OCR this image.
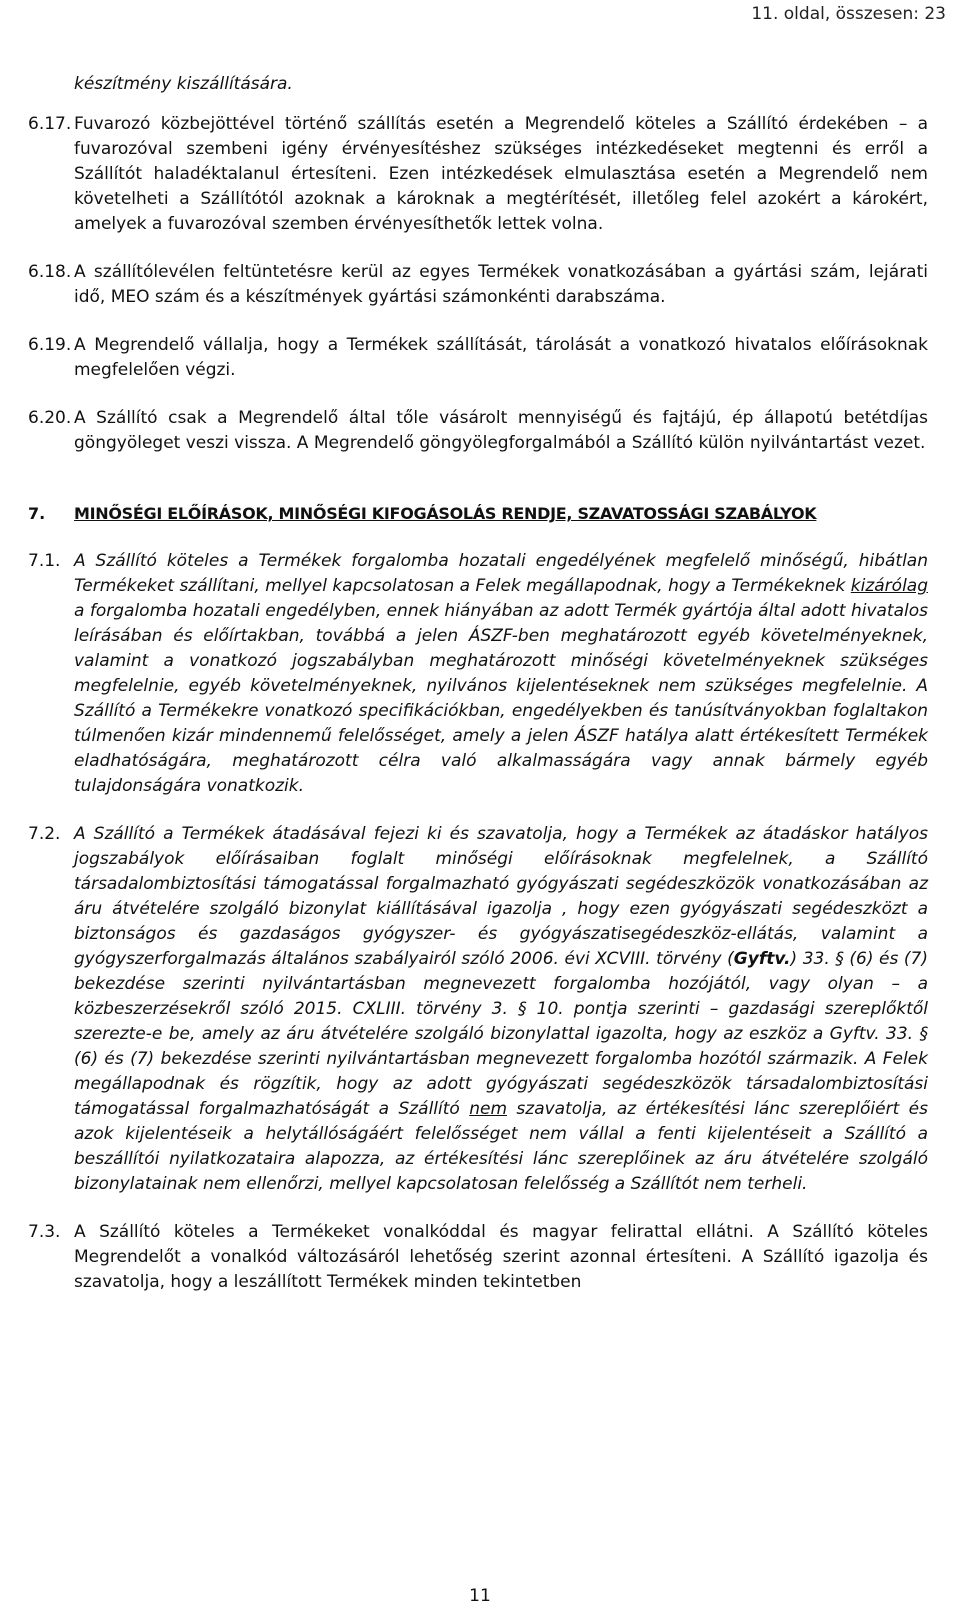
11. oldal, összesen: 23
készítmény kiszállítására.
6.17. Fuvarozó közbejöttével történő szállítás esetén a Megrendelő köteles a Szállító érdekében – a fuvarozóval szembeni igény érvényesítéshez szükséges intézkedéseket megtenni és erről a Szállítót haladéktalanul értesíteni. Ezen intézkedések elmulasztása esetén a Megrendelő nem követelheti a Szállítótól azoknak a károknak a megtérítését, illetőleg felel azokért a károkért, amelyek a fuvarozóval szemben érvényesíthetők lettek volna.
6.18. A szállítólevélen feltüntetésre kerül az egyes Termékek vonatkozásában a gyártási szám, lejárati idő, MEO szám és a készítmények gyártási számonkénti darabszáma.
6.19. A Megrendelő vállalja, hogy a Termékek szállítását, tárolását a vonatkozó hivatalos előírásoknak megfelelően végzi.
6.20. A Szállító csak a Megrendelő által tőle vásárolt mennyiségű és fajtájú, ép állapotú betétdíjas göngyöleget veszi vissza. A Megrendelő göngyölegforgalmából a Szállító külön nyilvántartást vezet.
7.	MINŐSÉGI ELŐÍRÁSOK, MINŐSÉGI KIFOGÁSOLÁS RENDJE, SZAVATOSSÁGI SZABÁLYOK
7.1. A Szállító köteles a Termékek forgalomba hozatali engedélyének megfelelő minőségű, hibátlan Termékeket szállítani, mellyel kapcsolatosan a Felek megállapodnak, hogy a Termékeknek kizárólag a forgalomba hozatali engedélyben, ennek hiányában az adott Termék gyártója által adott hivatalos leírásában és előírtakban, továbbá a jelen ÁSZF-ben meghatározott egyéb követelményeknek, valamint a vonatkozó jogszabályban meghatározott minőségi követelményeknek szükséges megfelelnie, egyéb követelményeknek, nyilvános kijelentéseknek nem szükséges megfelelnie. A Szállító a Termékekre vonatkozó specifikációkban, engedélyekben és tanúsítványokban foglaltakon túlmenően kizár mindennemű felelősséget, amely a jelen ÁSZF hatálya alatt értékesített Termékek eladhatóságára, meghatározott célra való alkalmasságára vagy annak bármely egyéb tulajdonságára vonatkozik.
7.2. A Szállító a Termékek átadásával fejezi ki és szavatolja, hogy a Termékek az átadáskor hatályos jogszabályok előírásaiban foglalt minőségi előírásoknak megfelelnek, a Szállító társadalombiztosítási támogatással forgalmazható gyógyászati segédeszközök vonatkozásában az áru átvételére szolgáló bizonylat kiállításával igazolja , hogy ezen gyógyászati segédeszközt a biztonságos és gazdaságos gyógyszer- és gyógyászatisegédeszköz-ellátás, valamint a gyógyszerforgalmazás általános szabályairól szóló 2006. évi XCVIII. törvény (Gyftv.) 33. § (6) és (7) bekezdése szerinti nyilvántartásban megnevezett forgalomba hozójától, vagy olyan – a közbeszerzésekről szóló 2015. CXLIII. törvény 3. § 10. pontja szerinti – gazdasági szereplőktől szerezte-e be, amely az áru átvételére szolgáló bizonylattal igazolta, hogy az eszköz a Gyftv. 33. § (6) és (7) bekezdése szerinti nyilvántartásban megnevezett forgalomba hozótól származik. A Felek megállapodnak és rögzítik, hogy az adott gyógyászati segédeszközök társadalombiztosítási támogatással forgalmazhatóságát a Szállító nem szavatolja, az értékesítési lánc szereplőiért és azok kijelentéseik a helytállóságáért felelősséget nem vállal a fenti kijelentéseit a Szállító a beszállítói nyilatkozataira alapozza, az értékesítési lánc szereplőinek az áru átvételére szolgáló bizonylatainak nem ellenőrzi, mellyel kapcsolatosan felelősség a Szállítót nem terheli.
7.3. A Szállító köteles a Termékeket vonalkóddal és magyar felirattal ellátni. A Szállító köteles Megrendelőt a vonalkód változásáról lehetőség szerint azonnal értesíteni. A Szállító igazolja és szavatolja, hogy a leszállított Termékek minden tekintetben
11
